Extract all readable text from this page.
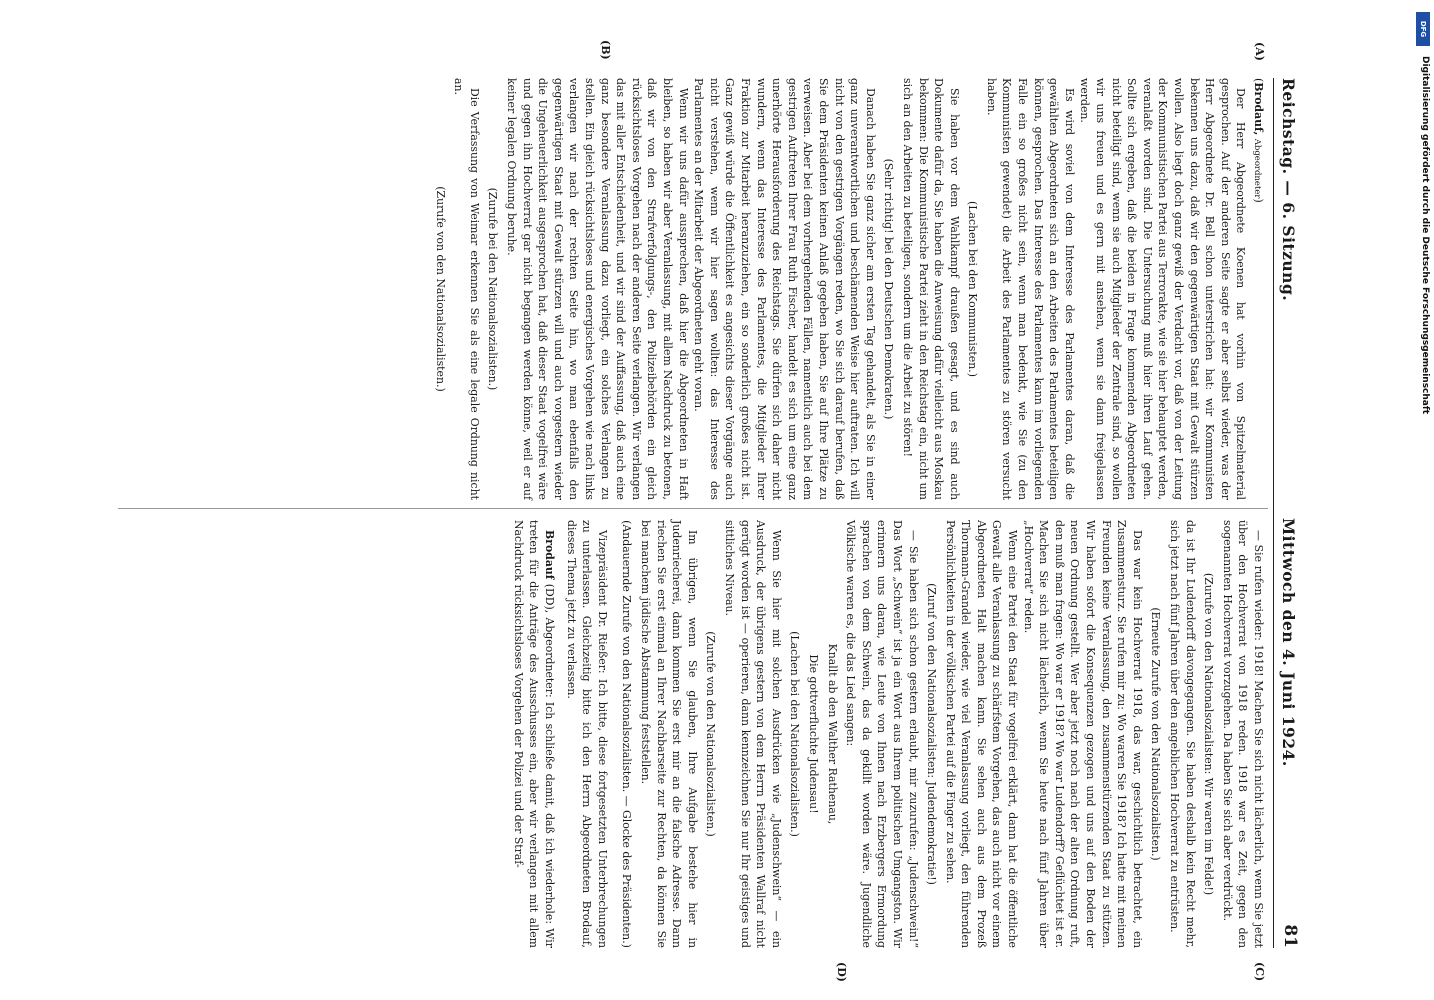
Reichstag. — 6. Sitzung.
Mittwoch den 4. Juni 1924.
81
(A)
(B)
(C)
(D)

(Brodauf, Abgeordneter)

Der Herr Abgeordnete Koenen hat vorhin von Spitzelmaterial gesprochen. Auf der anderen Seite sagte er aber selbst wieder, was der Herr Abgeordnete Dr. Bell schon unterstrichen hat: wir Kommunisten bekennen uns dazu, daß wir den gegenwärtigen Staat mit Gewalt stürzen wollen. Also liegt doch ganz gewiß der Verdacht vor, daß von der Leitung der Kommunistischen Partei aus Terrorakte, wie sie hier behauptet werden, veranlaßt worden sind. Die Untersuchung muß hier ihren Lauf gehen. Sollte sich ergeben, daß die beiden in Frage kommenden Abgeordneten nicht beteiligt sind, wenn sie auch Mitglieder der Zentrale sind, so wollen wir uns freuen und es gern mit ansehen, wenn sie dann freigelassen werden.

Es wird soviel von dem Interesse des Parlamentes daran, daß die gewählten Abgeordneten sich an den Arbeiten des Parlamentes beteiligen können, gesprochen. Das Interesse des Parlamentes kann im vorliegenden Falle ein so großes nicht sein, wenn man bedenkt, wie Sie (zu den Kommunisten gewendet) die Arbeit des Parlamentes zu stören versucht haben.

(Lachen bei den Kommunisten.)

Sie haben vor dem Wahlkampf draußen gesagt, und es sind auch Dokumente dafür da, Sie haben die Anweisung dafür vielleicht aus Moskau bekommen: Die Kommunistische Partei zieht in den Reichstag ein, nicht um sich an den Arbeiten zu beteiligen, sondern um die Arbeit zu stören!

(Sehr richtig! bei den Deutschen Demokraten.)

Danach haben Sie ganz sicher am ersten Tag gehandelt, als Sie in einer ganz unverantwortlichen und beschämenden Weise hier auftraten. Ich will nicht von den gestrigen Vorgängen reden, wo Sie sich darauf berufen, daß Sie dem Präsidenten keinen Anlaß gegeben haben, Sie auf Ihre Plätze zu verweisen. Aber bei dem vorhergehenden Fällen, namentlich auch bei dem gestrigen Auftreten Ihrer Frau Ruth Fischer, handelt es sich um eine ganz unerhörte Herausforderung des Reichstags. Sie dürfen sich daher nicht wundern, wenn das Interesse des Parlamentes, die Mitglieder Ihrer Fraktion zur Mitarbeit heranzuziehen, ein so sonderlich großes nicht ist. Ganz gewiß würde die Öffentlichkeit es angesichts dieser Vorgänge auch nicht verstehen, wenn wir hier sagen wollten: das Interesse des Parlamentes an der Mitarbeit der Abgeordneten geht voran.

Wenn wir uns dafür aussprechen, daß hier die Abgeordneten in Haft bleiben, so haben wir aber Veranlassung, mit allem Nachdruck zu betonen, daß wir von den Strafverfolgungs-, den Polizeibehörden ein gleich rücksichtsloses Vorgehen nach der anderen Seite verlangen. Wir verlangen das mit aller Entschiedenheit, und wir sind der Auffassung, daß auch eine ganz besondere Veranlassung dazu vorliegt, ein solches Verlangen zu stellen. Ein gleich rücksichtsloses und energisches Vorgehen wie nach links verlangen wir nach der rechten Seite hin, wo man ebenfalls den gegenwärtigen Staat mit Gewalt stürzen will und auch vorgestern wieder die Ungeheuerlichkeit ausgesprochen hat, daß dieser Staat vogelfrei wäre und gegen ihn Hochverrat gar nicht begangen werden könne, weil er auf keiner legalen Ordnung beruhe.

(Zurufe bei den Nationalsozialisten.)

Die Verfassung von Weimar erkennen Sie als eine legale Ordnung nicht an.

(Zurufe von den Nationalsozialisten.)

— Sie rufen wieder: 1918! Machen Sie sich nicht lächerlich, wenn Sie jetzt über den Hochverrat von 1918 reden. 1918 war es Zeit, gegen den sogenannten Hochverrat vorzugehen. Da haben Sie sich aber verdrückt.

(Zurufe von den Nationalsozialisten: Wir waren im Felde!)

da ist Ihr Ludendorff davongegangen. Sie haben deshalb kein Recht mehr, sich jetzt nach fünf Jahren über den angeblichen Hochverrat zu entrüsten.

(Erneute Zurufe von den Nationalsozialisten.)

Das war kein Hochverrat 1918, das war, geschichtlich betrachtet, ein Zusammensturz. Sie rufen mir zu: Wo waren Sie 1918? Ich hatte mit meinen Freunden keine Veranlassung, den zusammenstürzenden Staat zu stützen. Wir haben sofort die Konsequenzen gezogen und uns auf den Boden der neuen Ordnung gestellt. Wer aber jetzt noch nach der alten Ordnung ruft, den muß man fragen: Wo war er 1918? Wo war Ludendorff? Geflüchtet ist er. Machen Sie sich nicht lächerlich, wenn Sie heute nach fünf Jahren über „Hochverrat“ reden.

Wenn eine Partei den Staat für vogelfrei erklärt, dann hat die öffentliche Gewalt alle Veranlassung zu schärfstem Vorgehen, das auch nicht vor einem Abgeordneten Halt machen kann. Sie sehen auch aus dem Prozeß Thormann-Grandel wieder, wie viel Veranlassung vorliegt, den führenden Persönlichkeiten in der völkischen Partei auf die Finger zu sehen.

(Zuruf von den Nationalsozialisten: Judendemokratie!)

— Sie haben sich schon gestern erlaubt, mir zuzurufen: „Judenschwein!“ Das Wort „Schwein“ ist ja ein Wort aus Ihrem politischen Umgangston. Wir erinnern uns daran, wie Leute von Ihnen nach Erzbergers Ermordung sprachen von dem Schwein, das da gekillt worden wäre. Jugendliche Völkische waren es, die das Lied sangen:

Knallt ab den Walther Rathenau,

Die gottverfluchte Judensau!

(Lachen bei den Nationalsozialisten.)

Wenn Sie hier mit solchen Ausdrücken wie „Judenschwein“ — ein Ausdruck, der übrigens gestern von dem Herrn Präsidenten Wallraf nicht gerügt worden ist — operieren, dann kennzeichnen Sie nur Ihr geistiges und sittliches Niveau.

(Zurufe von den Nationalsozialisten.)

Im übrigen, wenn Sie glauben, Ihre Aufgabe bestehe hier in Judenriecherei, dann kommen Sie erst mir an die falsche Adresse. Dann riechen Sie erst einmal an Ihrer Nachbarseite zur Rechten, da können Sie bei manchem jüdische Abstammung feststellen.

(Andauernde Zurufe von den Nationalsozialisten. — Glocke des Präsidenten.)

Vizepräsident Dr. Rießer: Ich bitte, diese fortgesetzten Unterbrechungen zu unterlassen. Gleichzeitig bitte ich den Herrn Abgeordneten Brodauf, dieses Thema jetzt zu verlassen.

Brodauf (DD), Abgeordneter: Ich schließe damit, daß ich wiederhole: Wir treten für die Anträge des Ausschusses ein, aber wir verlangen mit allem Nachdruck rücksichtsloses Vorgehen der Polizei und der Straf-

DFG
Digitalisierung gefördert durch die Deutsche Forschungsgemeinschaft
